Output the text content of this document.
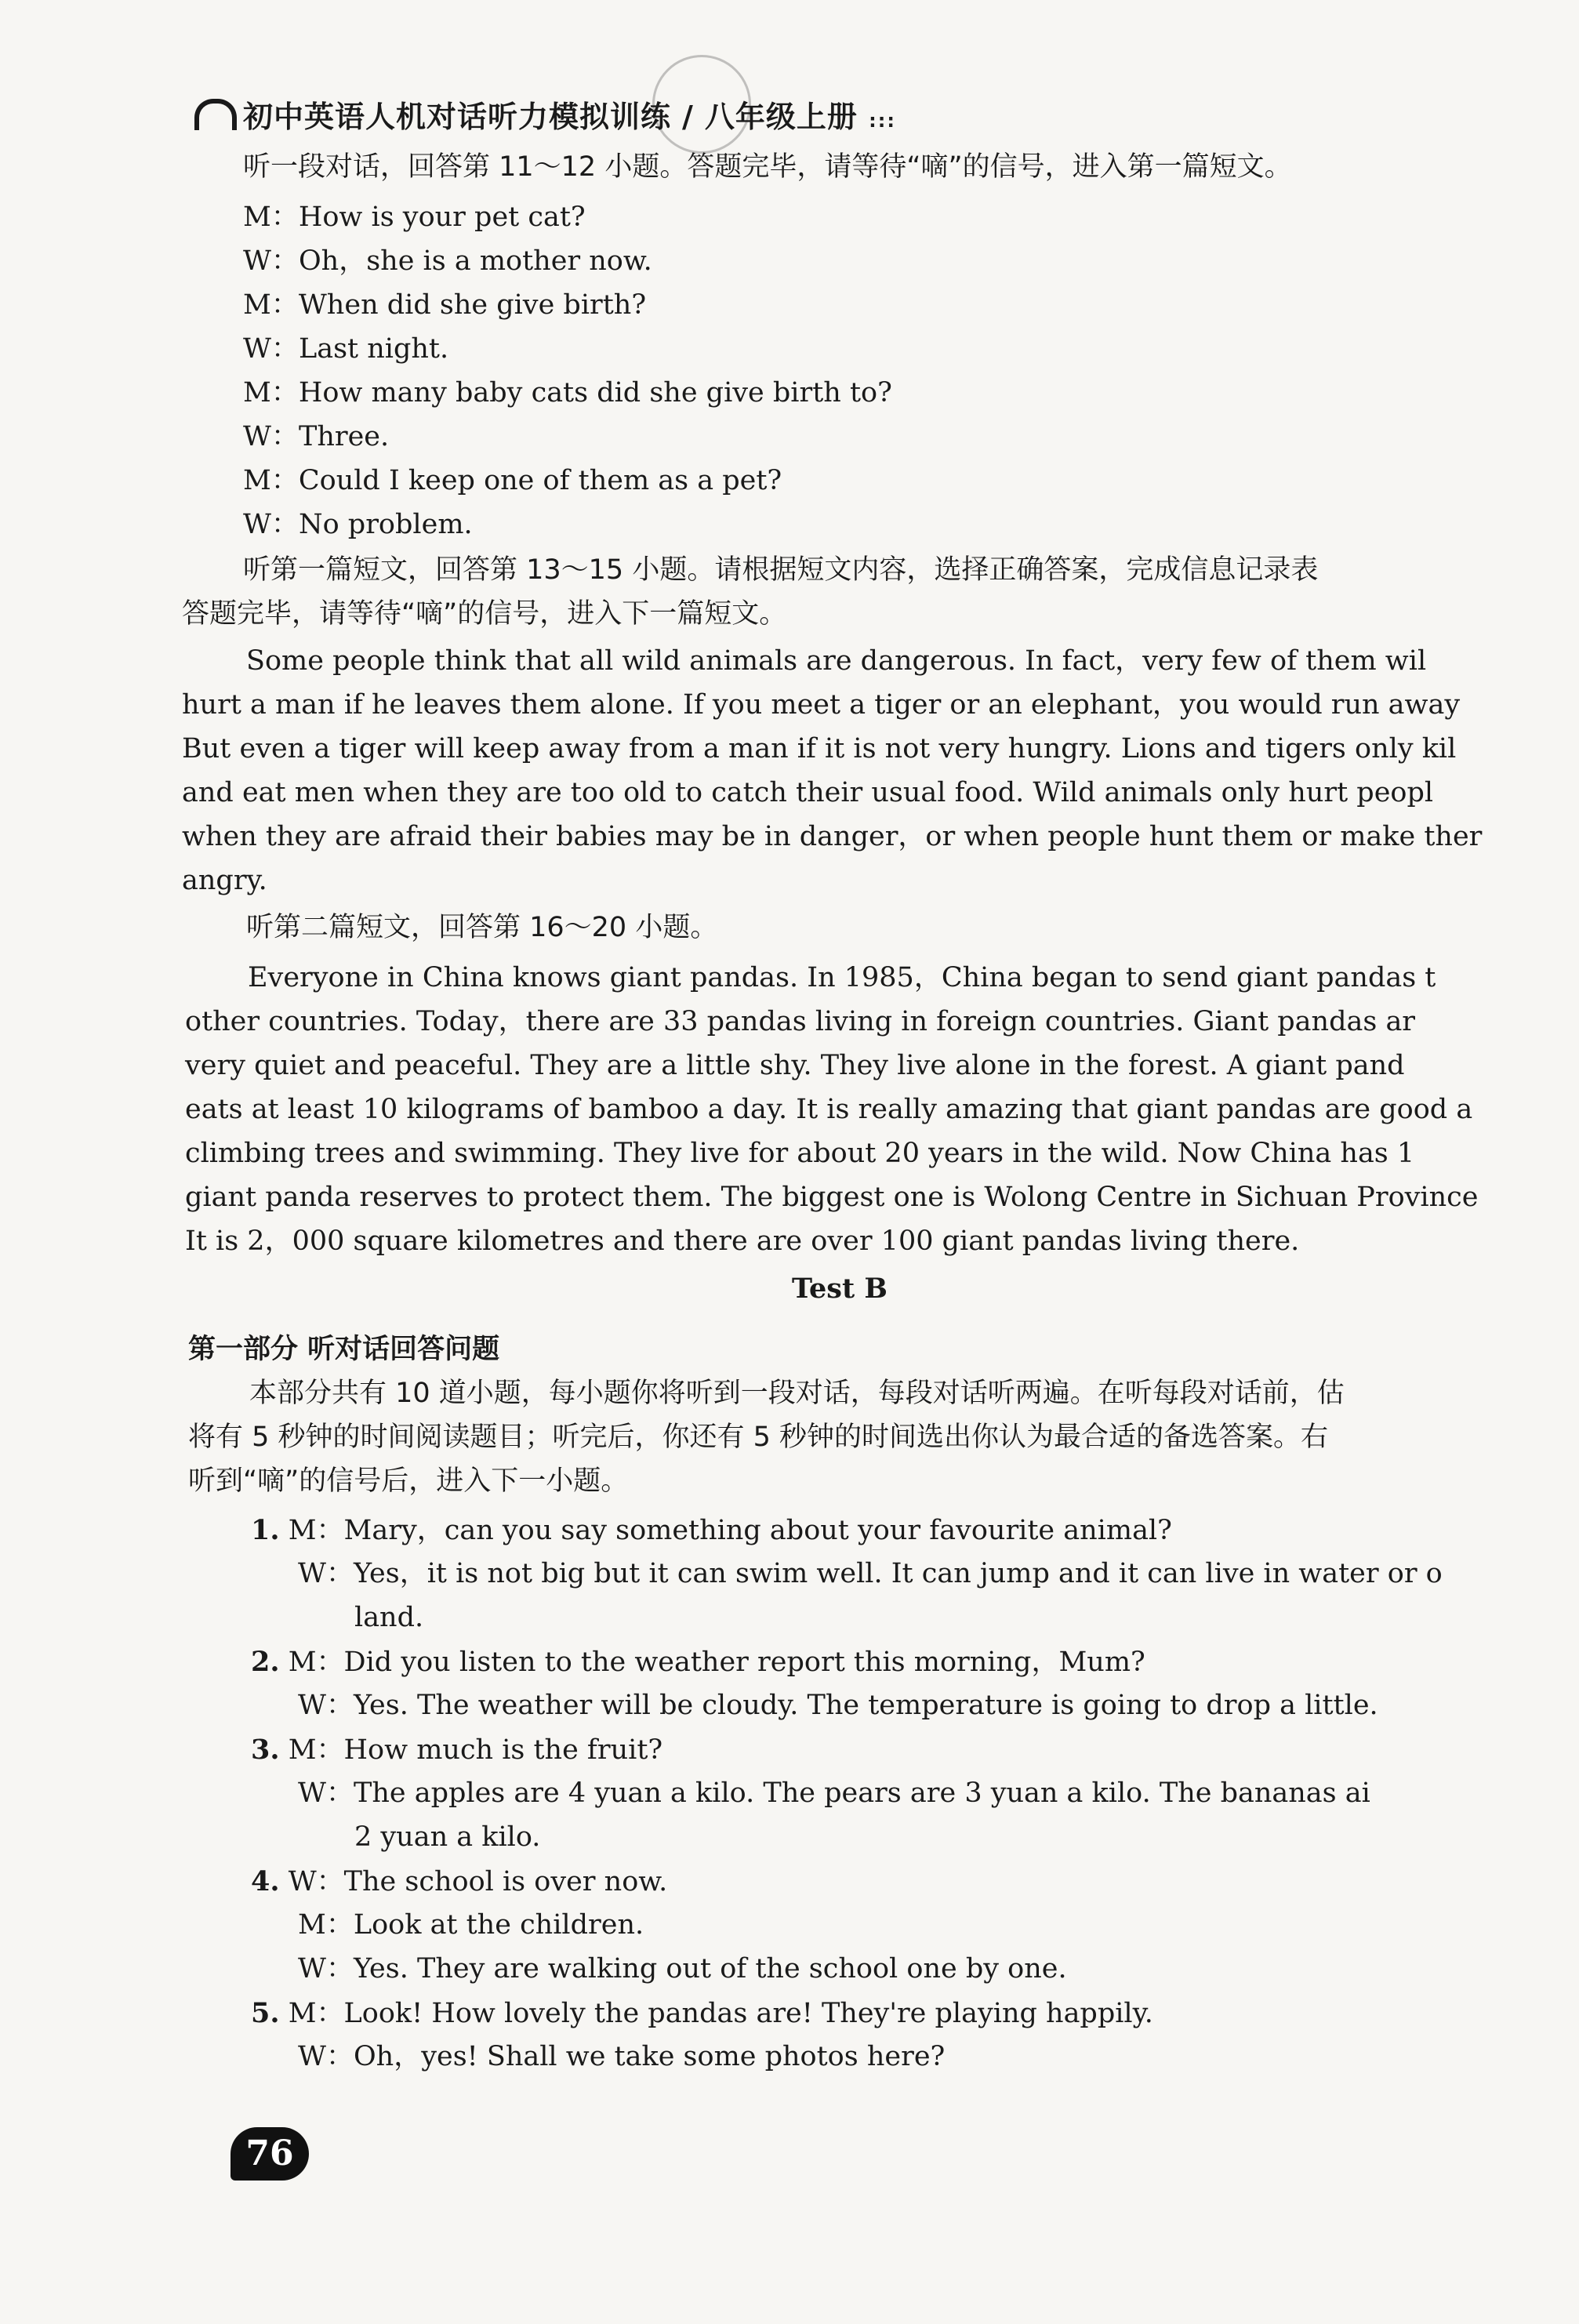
初中英语人机对话听力模拟训练 / 八年级上册 :::
听一段对话，回答第 11～12 小题。答题完毕，请等待“嘀”的信号，进入第一篇短文。
M：How is your pet cat?
W：Oh，she is a mother now.
M：When did she give birth?
W：Last night.
M：How many baby cats did she give birth to?
W：Three.
M：Could I keep one of them as a pet?
W：No problem.
听第一篇短文，回答第 13～15 小题。请根据短文内容，选择正确答案，完成信息记录表
答题完毕，请等待“嘀”的信号，进入下一篇短文。
Some people think that all wild animals are dangerous. In fact，very few of them wil
hurt a man if he leaves them alone. If you meet a tiger or an elephant，you would run away
But even a tiger will keep away from a man if it is not very hungry. Lions and tigers only kil
and eat men when they are too old to catch their usual food. Wild animals only hurt peopl
when they are afraid their babies may be in danger，or when people hunt them or make ther
angry.
听第二篇短文，回答第 16～20 小题。
Everyone in China knows giant pandas. In 1985，China began to send giant pandas t
other countries. Today，there are 33 pandas living in foreign countries. Giant pandas ar
very quiet and peaceful. They are a little shy. They live alone in the forest. A giant pand
eats at least 10 kilograms of bamboo a day. It is really amazing that giant pandas are good a
climbing trees and swimming. They live for about 20 years in the wild. Now China has 1
giant panda reserves to protect them. The biggest one is Wolong Centre in Sichuan Province
It is 2，000 square kilometres and there are over 100 giant pandas living there.
Test B
第一部分 听对话回答问题
本部分共有 10 道小题，每小题你将听到一段对话，每段对话听两遍。在听每段对话前，估
将有 5 秒钟的时间阅读题目；听完后，你还有 5 秒钟的时间选出你认为最合适的备选答案。右
听到“嘀”的信号后，进入下一小题。
1. M：Mary，can you say something about your favourite animal?
W：Yes，it is not big but it can swim well. It can jump and it can live in water or o
land.
2. M：Did you listen to the weather report this morning，Mum?
W：Yes. The weather will be cloudy. The temperature is going to drop a little.
3. M：How much is the fruit?
W：The apples are 4 yuan a kilo. The pears are 3 yuan a kilo. The bananas ai
2 yuan a kilo.
4. W：The school is over now.
M：Look at the children.
W：Yes. They are walking out of the school one by one.
5. M：Look! How lovely the pandas are! They're playing happily.
W：Oh，yes! Shall we take some photos here?
76
